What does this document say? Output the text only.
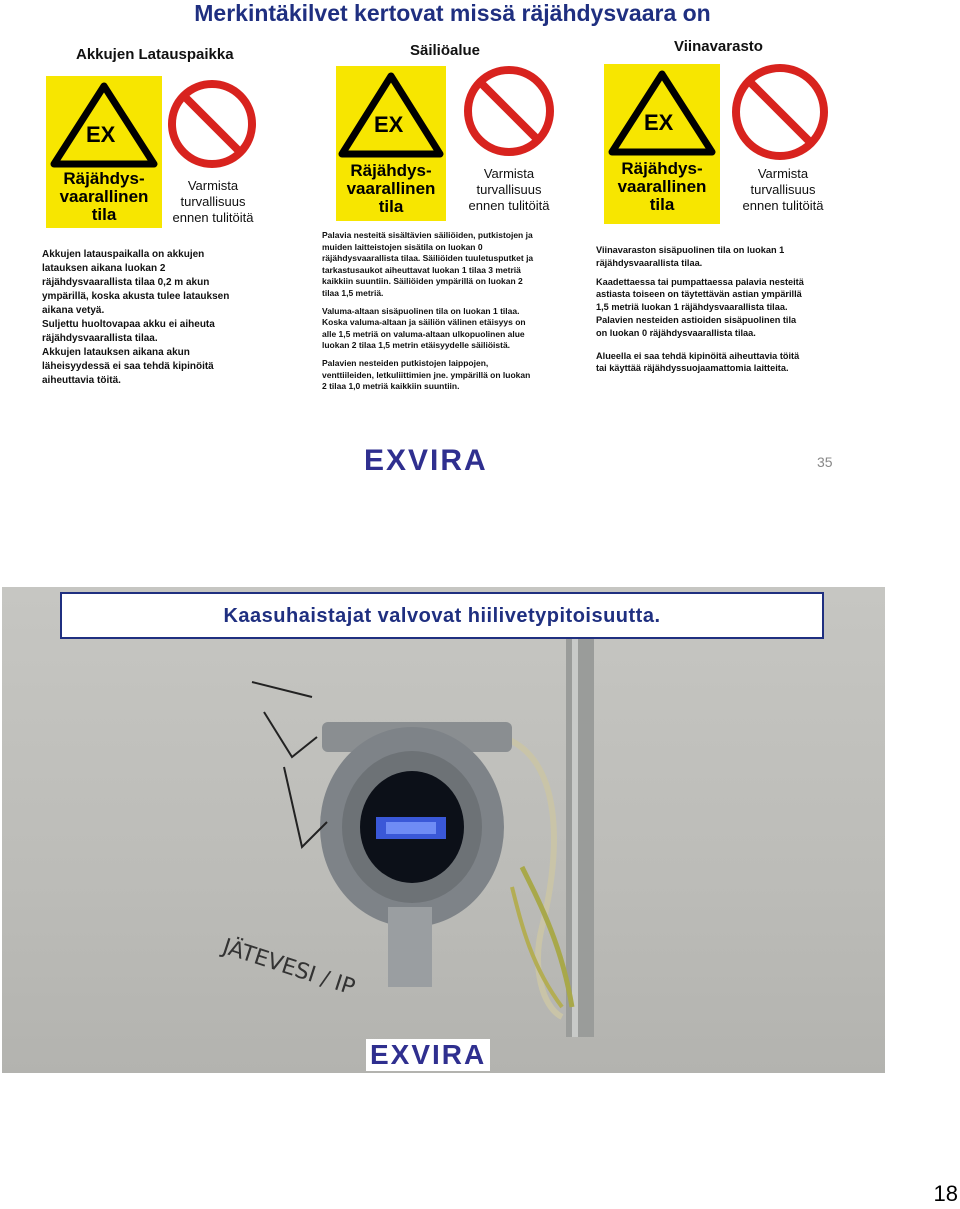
Merkintäkilvet kertovat missä räjähdysvaara on
Akkujen Latauspaikka
EX
Räjähdys-
vaarallinen
tila
Varmista
turvallisuus
ennen tulitöitä
Akkujen latauspaikalla on akkujen
latauksen aikana luokan 2
räjähdysvaarallista tilaa 0,2 m akun
ympärillä, koska akusta tulee latauksen
aikana vetyä.
Suljettu huoltovapaa akku ei aiheuta
räjähdysvaarallista tilaa.
Akkujen latauksen aikana akun
läheisyydessä ei saa tehdä kipinöitä
aiheuttavia töitä.
Säiliöalue
EX
Räjähdys-
vaarallinen
tila
Varmista
turvallisuus
ennen tulitöitä
Palavia nesteitä sisältävien säiliöiden, putkistojen ja
muiden laitteistojen sisätila on luokan 0
räjähdysvaarallista tilaa. Säiliöiden tuuletusputket ja
tarkastusaukot aiheuttavat luokan 1 tilaa 3 metriä
kaikkiin suuntiin. Säiliöiden ympärillä on luokan 2
tilaa 1,5 metriä.
Valuma-altaan sisäpuolinen tila on luokan 1 tilaa.
Koska valuma-altaan ja säiliön välinen etäisyys on
alle 1,5 metriä on valuma-altaan ulkopuolinen alue
luokan 2 tilaa 1,5 metrin etäisyydelle säiliöistä.
Palavien nesteiden putkistojen laippojen,
venttiileiden, letkuliittimien jne. ympärillä on luokan
2 tilaa 1,0 metriä kaikkiin suuntiin.
Viinavarasto
EX
Räjähdys-
vaarallinen
tila
Varmista
turvallisuus
ennen tulitöitä
Viinavaraston sisäpuolinen tila on luokan 1
räjähdysvaarallista tilaa.
Kaadettaessa tai pumpattaessa palavia nesteitä
astiasta toiseen on täytettävän astian ympärillä
1,5 metriä luokan 1 räjähdysvaarallista tilaa.
Palavien nesteiden astioiden sisäpuolinen tila
on luokan 0 räjähdysvaarallista tilaa.
Alueella ei saa tehdä kipinöitä aiheuttavia töitä
tai käyttää räjähdyssuojaamattomia laitteita.
EXVIRA	35
JÄTEVESI / IP
EXVIRA
Kaasuhaistajat valvovat hiilivetypitoisuutta.
18
